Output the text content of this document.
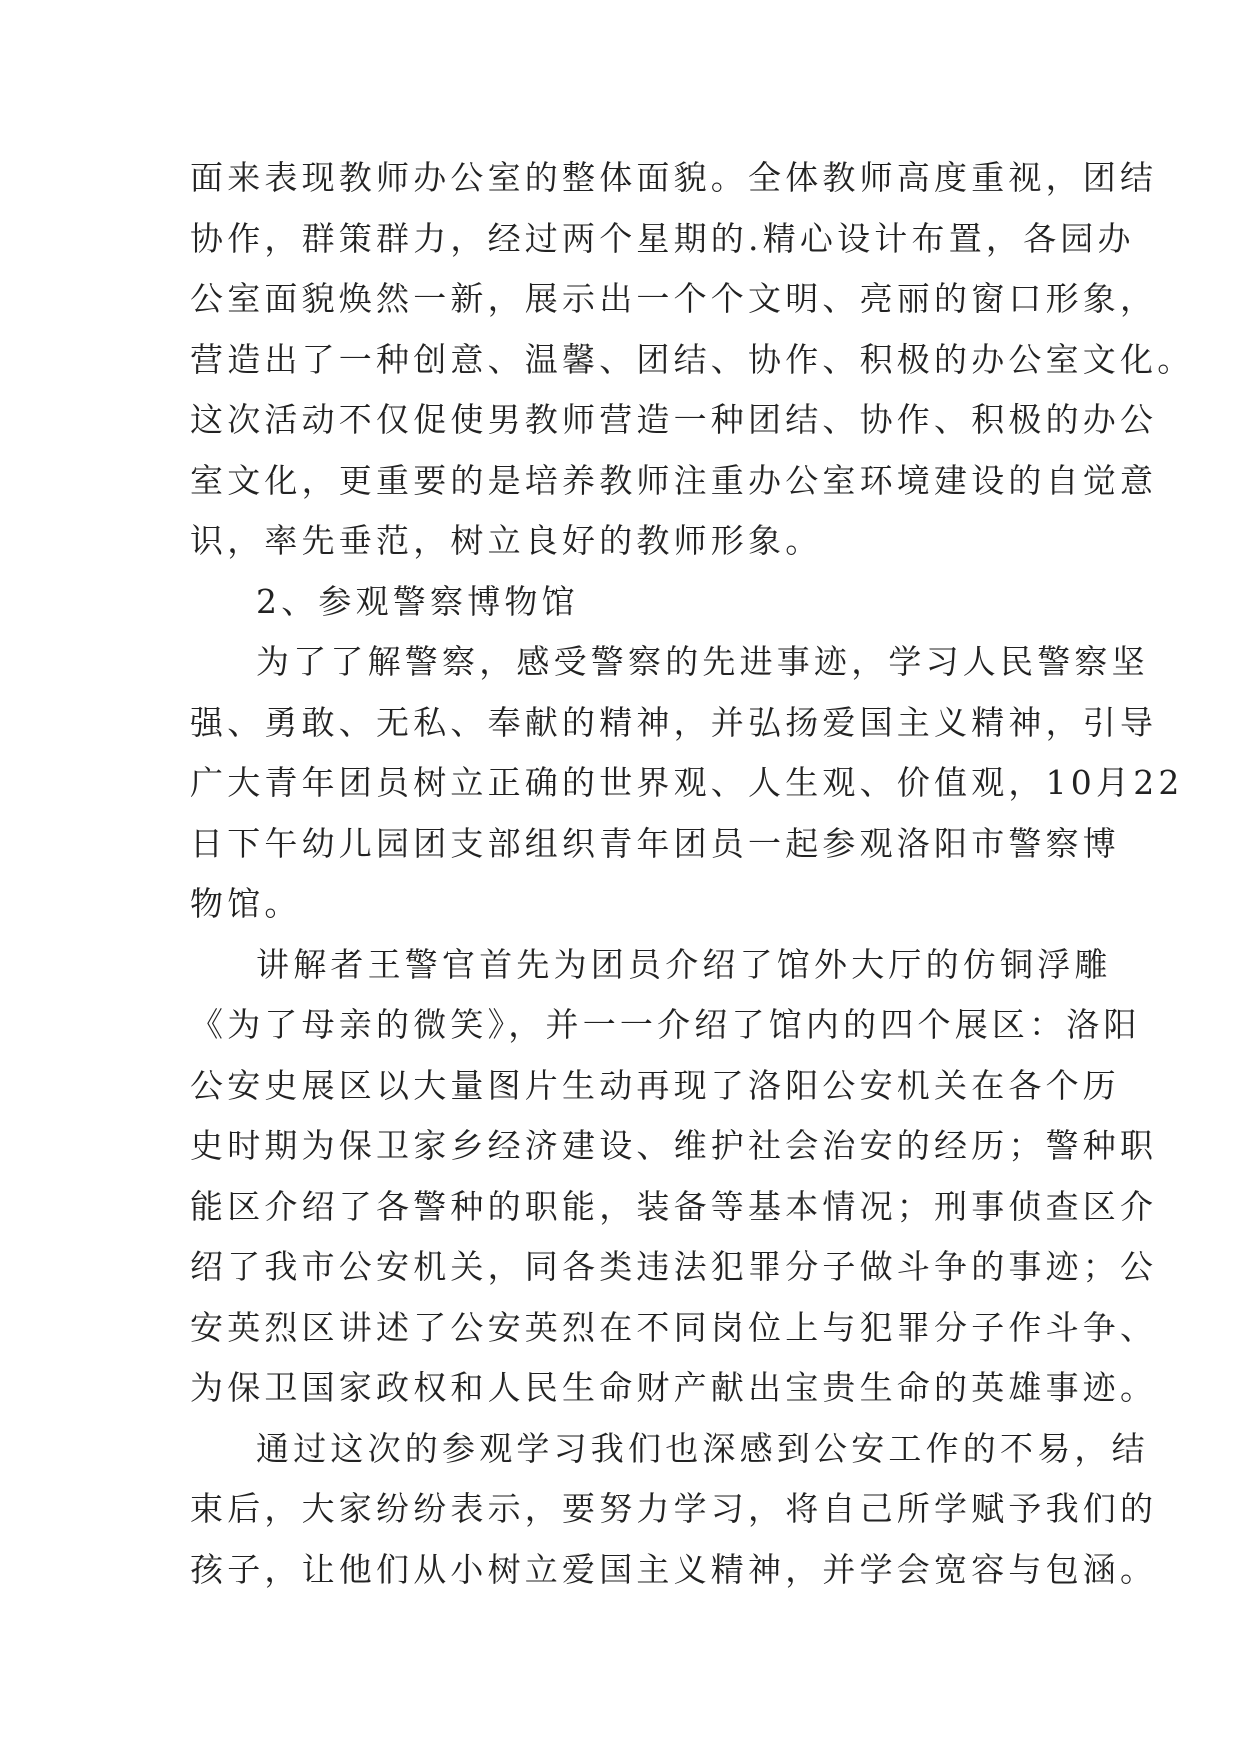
面来表现教师办公室的整体面貌。全体教师高度重视，团结
协作，群策群力，经过两个星期的.精心设计布置，各园办
公室面貌焕然一新，展示出一个个文明、亮丽的窗口形象，
营造出了一种创意、温馨、团结、协作、积极的办公室文化。
这次活动不仅促使男教师营造一种团结、协作、积极的办公
室文化，更重要的是培养教师注重办公室环境建设的自觉意
识，率先垂范，树立良好的教师形象。
2、参观警察博物馆
为了了解警察，感受警察的先进事迹，学习人民警察坚
强、勇敢、无私、奉献的精神，并弘扬爱国主义精神，引导
广大青年团员树立正确的世界观、人生观、价值观，10月22
日下午幼儿园团支部组织青年团员一起参观洛阳市警察博
物馆。
讲解者王警官首先为团员介绍了馆外大厅的仿铜浮雕
《为了母亲的微笑》，并一一介绍了馆内的四个展区：洛阳
公安史展区以大量图片生动再现了洛阳公安机关在各个历
史时期为保卫家乡经济建设、维护社会治安的经历；警种职
能区介绍了各警种的职能，装备等基本情况；刑事侦查区介
绍了我市公安机关，同各类违法犯罪分子做斗争的事迹；公
安英烈区讲述了公安英烈在不同岗位上与犯罪分子作斗争、
为保卫国家政权和人民生命财产献出宝贵生命的英雄事迹。
通过这次的参观学习我们也深感到公安工作的不易，结
束后，大家纷纷表示，要努力学习，将自己所学赋予我们的
孩子，让他们从小树立爱国主义精神，并学会宽容与包涵。
